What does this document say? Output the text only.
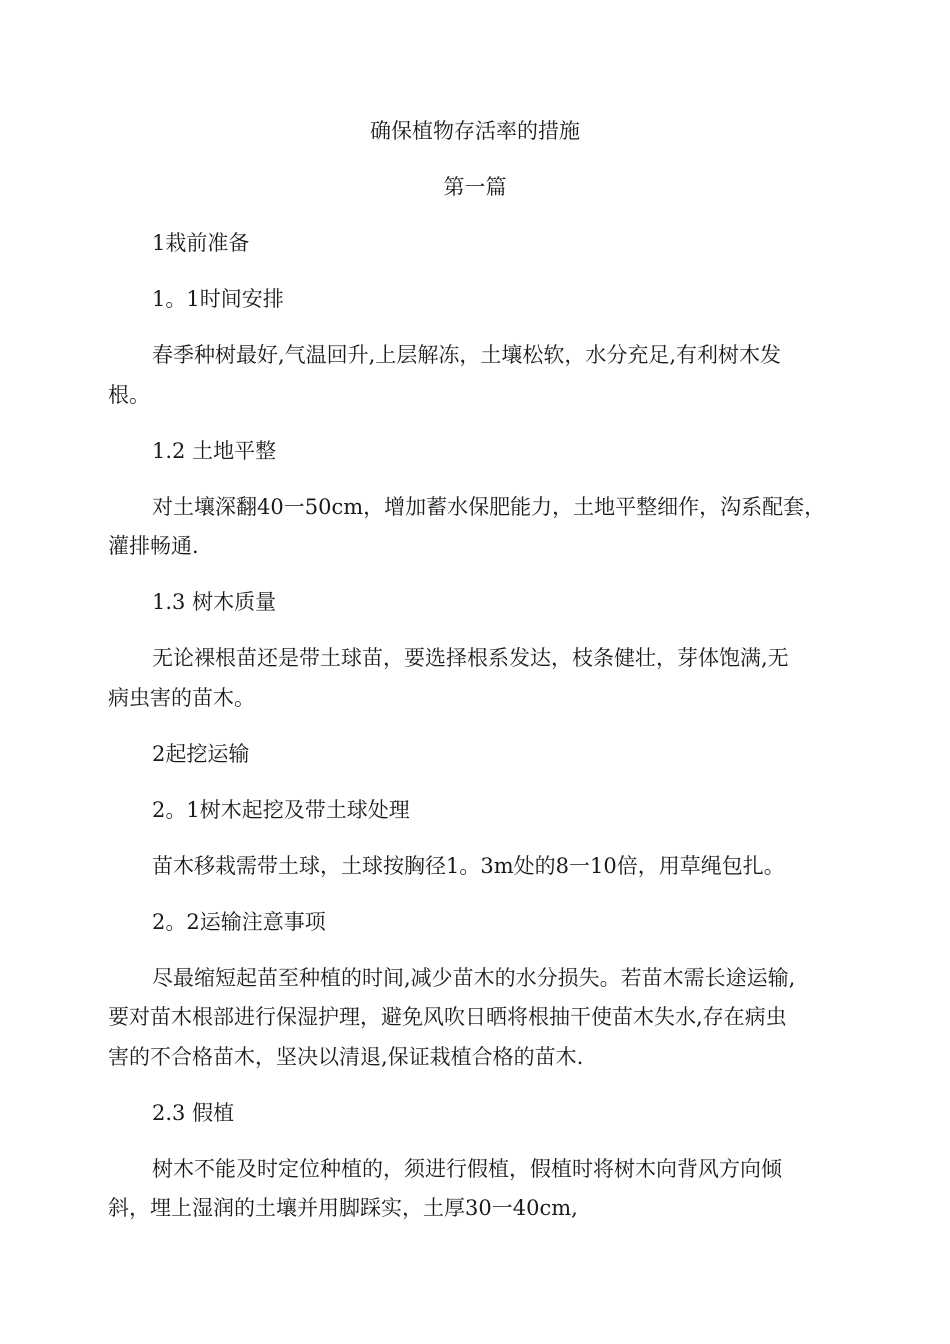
确保植物存活率的措施
第一篇

1栽前准备

1。1时间安排

春季种树最好,气温回升,上层解冻，土壤松软，水分充足,有利树木发

根。

1.2 土地平整

对土壤深翻40一50cm，增加蓄水保肥能力，土地平整细作，沟系配套，

灌排畅通.

1.3 树木质量

无论裸根苗还是带土球苗，要选择根系发达，枝条健壮，芽体饱满,无

病虫害的苗木。

2起挖运输

2。1树木起挖及带土球处理

苗木移栽需带土球，土球按胸径1。3m处的8一10倍，用草绳包扎。

2。2运输注意事项

尽最缩短起苗至种植的时间,减少苗木的水分损失。若苗木需长途运输,

要对苗木根部进行保湿护理，避免风吹日晒将根抽干使苗木失水,存在病虫

害的不合格苗木，坚决以清退,保证栽植合格的苗木.

2.3 假植

树木不能及时定位种植的，须进行假植，假植时将树木向背风方向倾

斜，埋上湿润的土壤并用脚踩实，土厚30一40cm,
